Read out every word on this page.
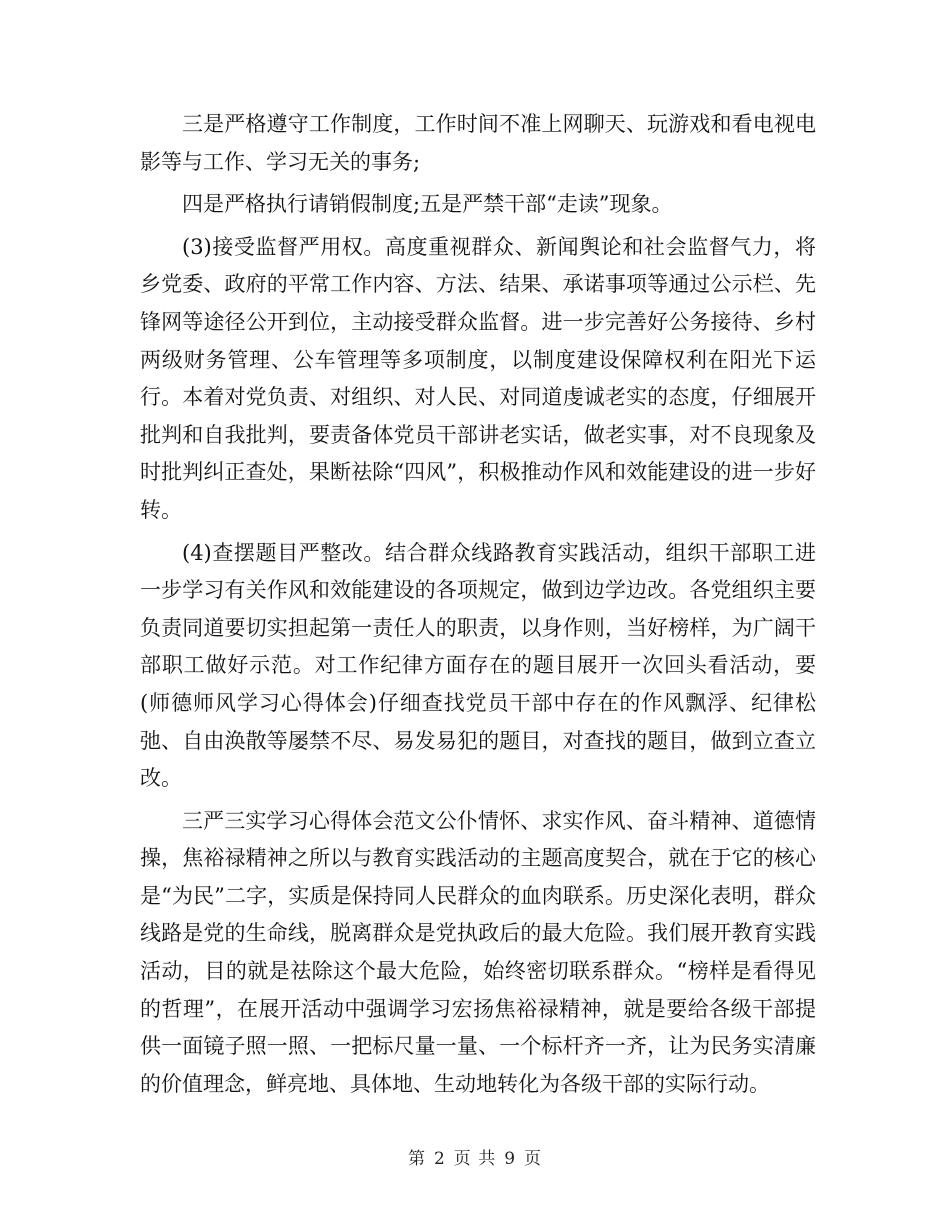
三是严格遵守工作制度，工作时间不准上网聊天、玩游戏和看电视电影等与工作、学习无关的事务;

四是严格执行请销假制度;五是严禁干部“走读”现象。

(3)接受监督严用权。高度重视群众、新闻舆论和社会监督气力，将乡党委、政府的平常工作内容、方法、结果、承诺事项等通过公示栏、先锋网等途径公开到位，主动接受群众监督。进一步完善好公务接待、乡村两级财务管理、公车管理等多项制度，以制度建设保障权利在阳光下运行。本着对党负责、对组织、对人民、对同道虔诚老实的态度，仔细展开批判和自我批判，要责备体党员干部讲老实话，做老实事，对不良现象及时批判纠正查处，果断祛除“四风”，积极推动作风和效能建设的进一步好转。

(4)查摆题目严整改。结合群众线路教育实践活动，组织干部职工进一步学习有关作风和效能建设的各项规定，做到边学边改。各党组织主要负责同道要切实担起第一责任人的职责，以身作则，当好榜样，为广阔干部职工做好示范。对工作纪律方面存在的题目展开一次回头看活动，要(师德师风学习心得体会)仔细查找党员干部中存在的作风飘浮、纪律松弛、自由涣散等屡禁不尽、易发易犯的题目，对查找的题目，做到立查立改。

三严三实学习心得体会范文公仆情怀、求实作风、奋斗精神、道德情操，焦裕禄精神之所以与教育实践活动的主题高度契合，就在于它的核心是“为民”二字，实质是保持同人民群众的血肉联系。历史深化表明，群众线路是党的生命线，脱离群众是党执政后的最大危险。我们展开教育实践活动，目的就是祛除这个最大危险，始终密切联系群众。“榜样是看得见的哲理”，在展开活动中强调学习宏扬焦裕禄精神，就是要给各级干部提供一面镜子照一照、一把标尺量一量、一个标杆齐一齐，让为民务实清廉的价值理念，鲜亮地、具体地、生动地转化为各级干部的实际行动。

第 2 页 共 9 页
